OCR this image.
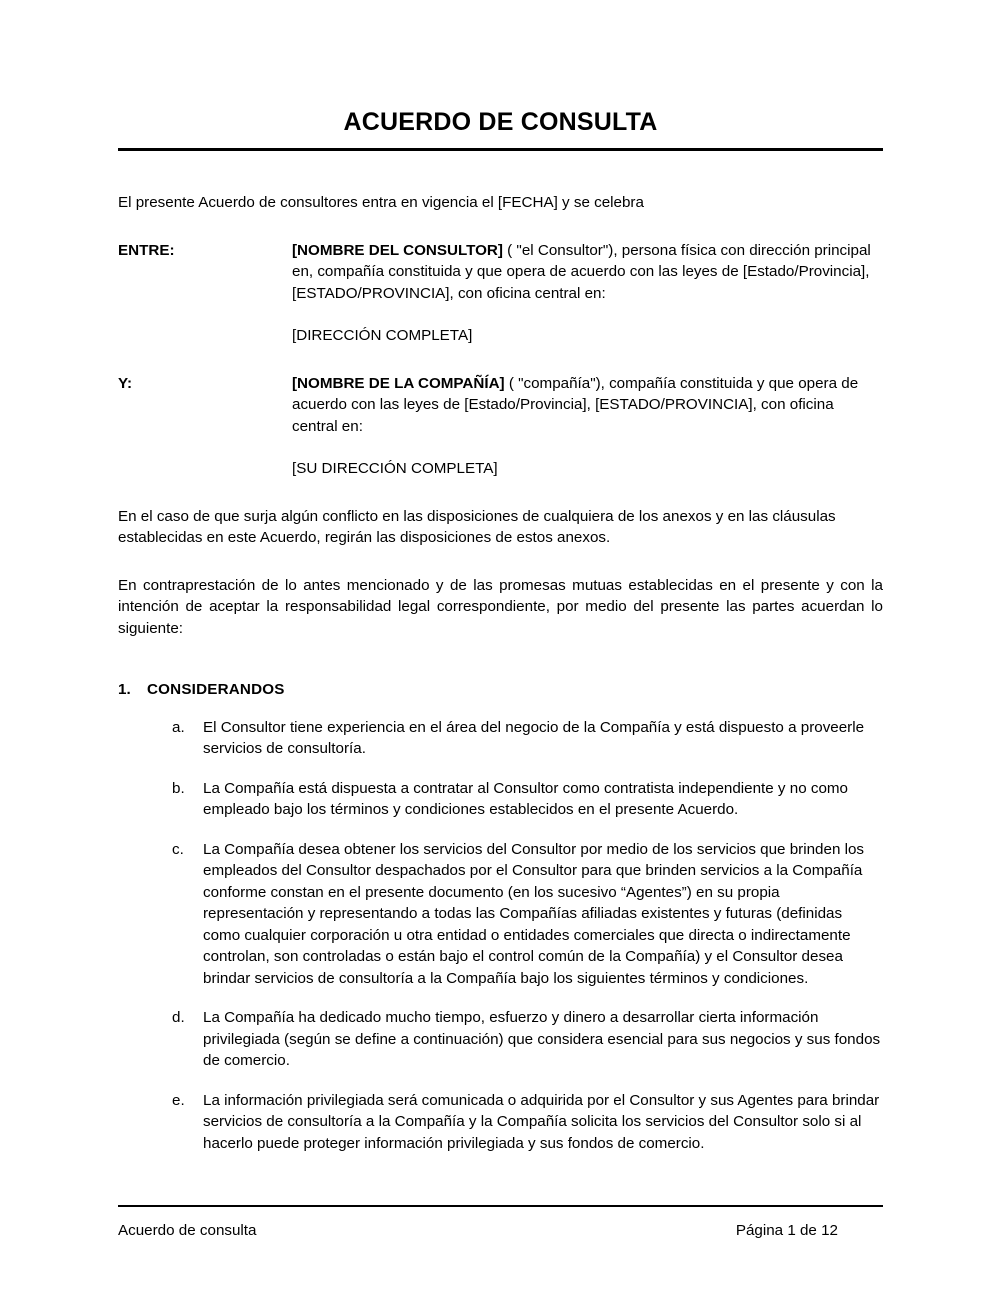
ACUERDO DE CONSULTA

El presente Acuerdo de consultores entra en vigencia el [FECHA] y se celebra

ENTRE:	[NOMBRE DEL CONSULTOR] ( "el Consultor"), persona física con dirección principal en, compañía constituida y que opera de acuerdo con las leyes de [Estado/Provincia], [ESTADO/PROVINCIA], con oficina central en:

[DIRECCIÓN COMPLETA]

Y:	[NOMBRE DE LA COMPAÑÍA] ( "compañía"), compañía constituida y que opera de acuerdo con las leyes de [Estado/Provincia], [ESTADO/PROVINCIA], con oficina central en:

[SU DIRECCIÓN COMPLETA]

En el caso de que surja algún conflicto en las disposiciones de cualquiera de los anexos y en las cláusulas establecidas en este Acuerdo, regirán las disposiciones de estos anexos.

En contraprestación de lo antes mencionado y de las promesas mutuas establecidas en el presente y con la intención de aceptar la responsabilidad legal correspondiente, por medio del presente las partes acuerdan lo siguiente:

1.	CONSIDERANDOS
a.	El Consultor tiene experiencia en el área del negocio de la Compañía y está dispuesto a proveerle servicios de consultoría.
b.	La Compañía está dispuesta a contratar al Consultor como contratista independiente y no como empleado bajo los términos y condiciones establecidos en el presente Acuerdo.
c.	La Compañía desea obtener los servicios del Consultor por medio de los servicios que brinden los empleados del Consultor despachados por el Consultor para que brinden servicios a la Compañía conforme constan en el presente documento (en los sucesivo “Agentes”) en su propia representación y representando a todas las Compañías afiliadas existentes y futuras (definidas como cualquier corporación u otra entidad o entidades comerciales que directa o indirectamente controlan, son controladas o están bajo el control común de la Compañía) y el Consultor desea brindar servicios de consultoría a la Compañía bajo los siguientes términos y condiciones.
d.	La Compañía ha dedicado mucho tiempo, esfuerzo y dinero a desarrollar cierta información privilegiada (según se define a continuación) que considera esencial para sus negocios y sus fondos de comercio.
e.	La información privilegiada será comunicada o adquirida por el Consultor y sus Agentes para brindar servicios de consultoría a la Compañía y la Compañía solicita los servicios del Consultor solo si al hacerlo puede proteger información privilegiada y sus fondos de comercio.
Acuerdo de consulta	Página 1 de 12
